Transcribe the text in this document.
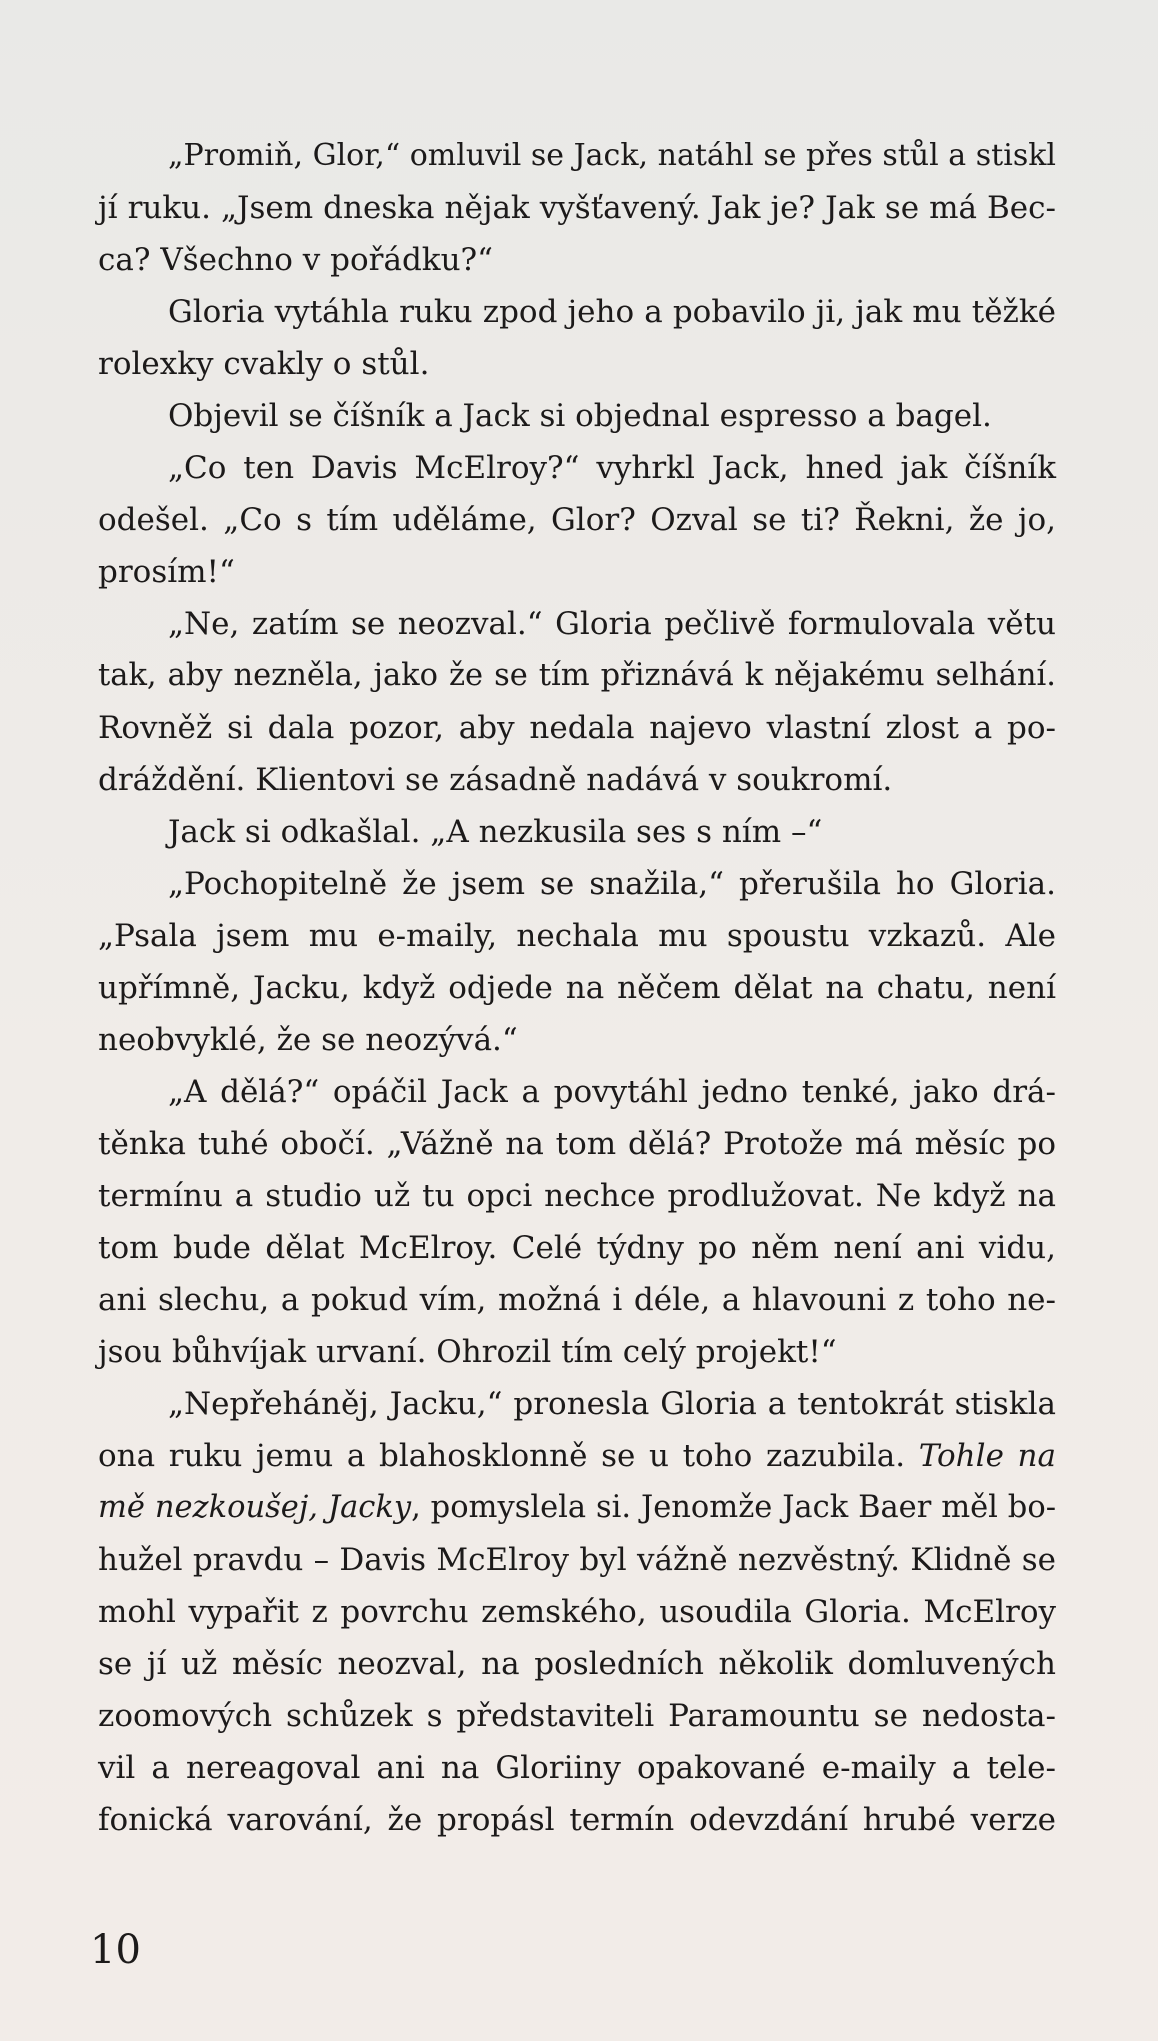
„Promiň, Glor,“ omluvil se Jack, natáhl se přes stůl a stiskl
jí ruku. „Jsem dneska nějak vyšťavený. Jak je? Jak se má Bec-
ca? Všechno v pořádku?“
Gloria vytáhla ruku zpod jeho a pobavilo ji, jak mu těžké
rolexky cvakly o stůl.
Objevil se číšník a Jack si objednal espresso a bagel.
„Co ten Davis McElroy?“ vyhrkl Jack, hned jak číšník
odešel. „Co s tím uděláme, Glor? Ozval se ti? Řekni, že jo,
prosím!“
„Ne, zatím se neozval.“ Gloria pečlivě formulovala větu
tak, aby nezněla, jako že se tím přiznává k nějakému selhání.
Rovněž si dala pozor, aby nedala najevo vlastní zlost a po-
dráždění. Klientovi se zásadně nadává v soukromí.
Jack si odkašlal. „A nezkusila ses s ním –“
„Pochopitelně že jsem se snažila,“ přerušila ho Gloria.
„Psala jsem mu e-maily, nechala mu spoustu vzkazů. Ale
upřímně, Jacku, když odjede na něčem dělat na chatu, není
neobvyklé, že se neozývá.“
„A dělá?“ opáčil Jack a povytáhl jedno tenké, jako drá-
těnka tuhé obočí. „Vážně na tom dělá? Protože má měsíc po
termínu a studio už tu opci nechce prodlužovat. Ne když na
tom bude dělat McElroy. Celé týdny po něm není ani vidu,
ani slechu, a pokud vím, možná i déle, a hlavouni z toho ne-
jsou bůhvíjak urvaní. Ohrozil tím celý projekt!“
„Nepřeháněj, Jacku,“ pronesla Gloria a tentokrát stiskla
ona ruku jemu a blahosklonně se u toho zazubila. Tohle na
mě nezkoušej, Jacky, pomyslela si. Jenomže Jack Baer měl bo-
hužel pravdu – Davis McElroy byl vážně nezvěstný. Klidně se
mohl vypařit z povrchu zemského, usoudila Gloria. McElroy
se jí už měsíc neozval, na posledních několik domluvených
zoomových schůzek s představiteli Paramountu se nedosta-
vil a nereagoval ani na Gloriiny opakované e-maily a tele-
fonická varování, že propásl termín odevzdání hrubé verze
10
